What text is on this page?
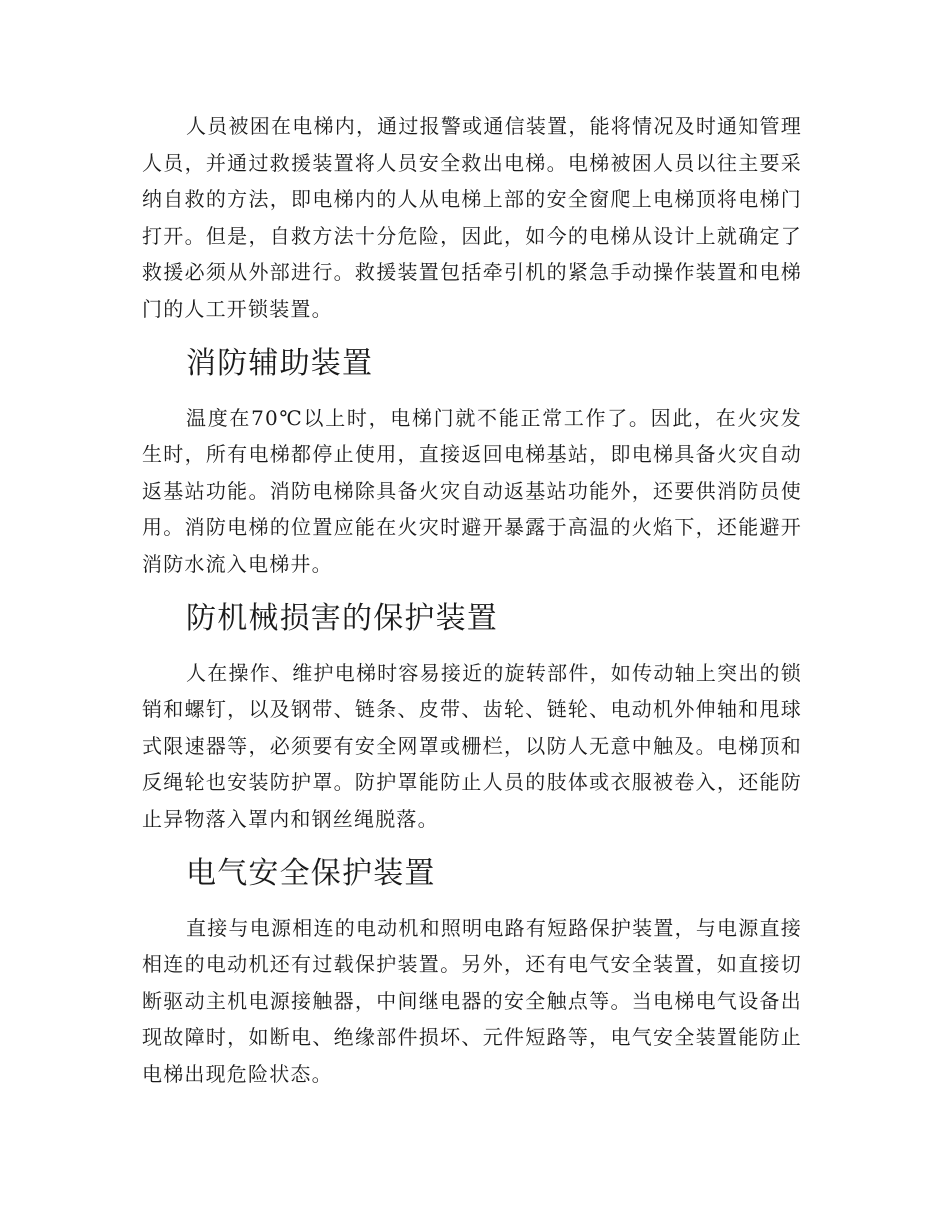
人员被困在电梯内，通过报警或通信装置，能将情况及时通知管理人员，并通过救援装置将人员安全救出电梯。电梯被困人员以往主要采纳自救的方法，即电梯内的人从电梯上部的安全窗爬上电梯顶将电梯门打开。但是，自救方法十分危险，因此，如今的电梯从设计上就确定了救援必须从外部进行。救援装置包括牵引机的紧急手动操作装置和电梯门的人工开锁装置。

消防辅助装置

温度在70℃以上时，电梯门就不能正常工作了。因此，在火灾发生时，所有电梯都停止使用，直接返回电梯基站，即电梯具备火灾自动返基站功能。消防电梯除具备火灾自动返基站功能外，还要供消防员使用。消防电梯的位置应能在火灾时避开暴露于高温的火焰下，还能避开消防水流入电梯井。

防机械损害的保护装置

人在操作、维护电梯时容易接近的旋转部件，如传动轴上突出的锁销和螺钉，以及钢带、链条、皮带、齿轮、链轮、电动机外伸轴和甩球式限速器等，必须要有安全网罩或栅栏，以防人无意中触及。电梯顶和反绳轮也安装防护罩。防护罩能防止人员的肢体或衣服被卷入，还能防止异物落入罩内和钢丝绳脱落。

电气安全保护装置

直接与电源相连的电动机和照明电路有短路保护装置，与电源直接相连的电动机还有过载保护装置。另外，还有电气安全装置，如直接切断驱动主机电源接触器，中间继电器的安全触点等。当电梯电气设备出现故障时，如断电、绝缘部件损坏、元件短路等，电气安全装置能防止电梯出现危险状态。
